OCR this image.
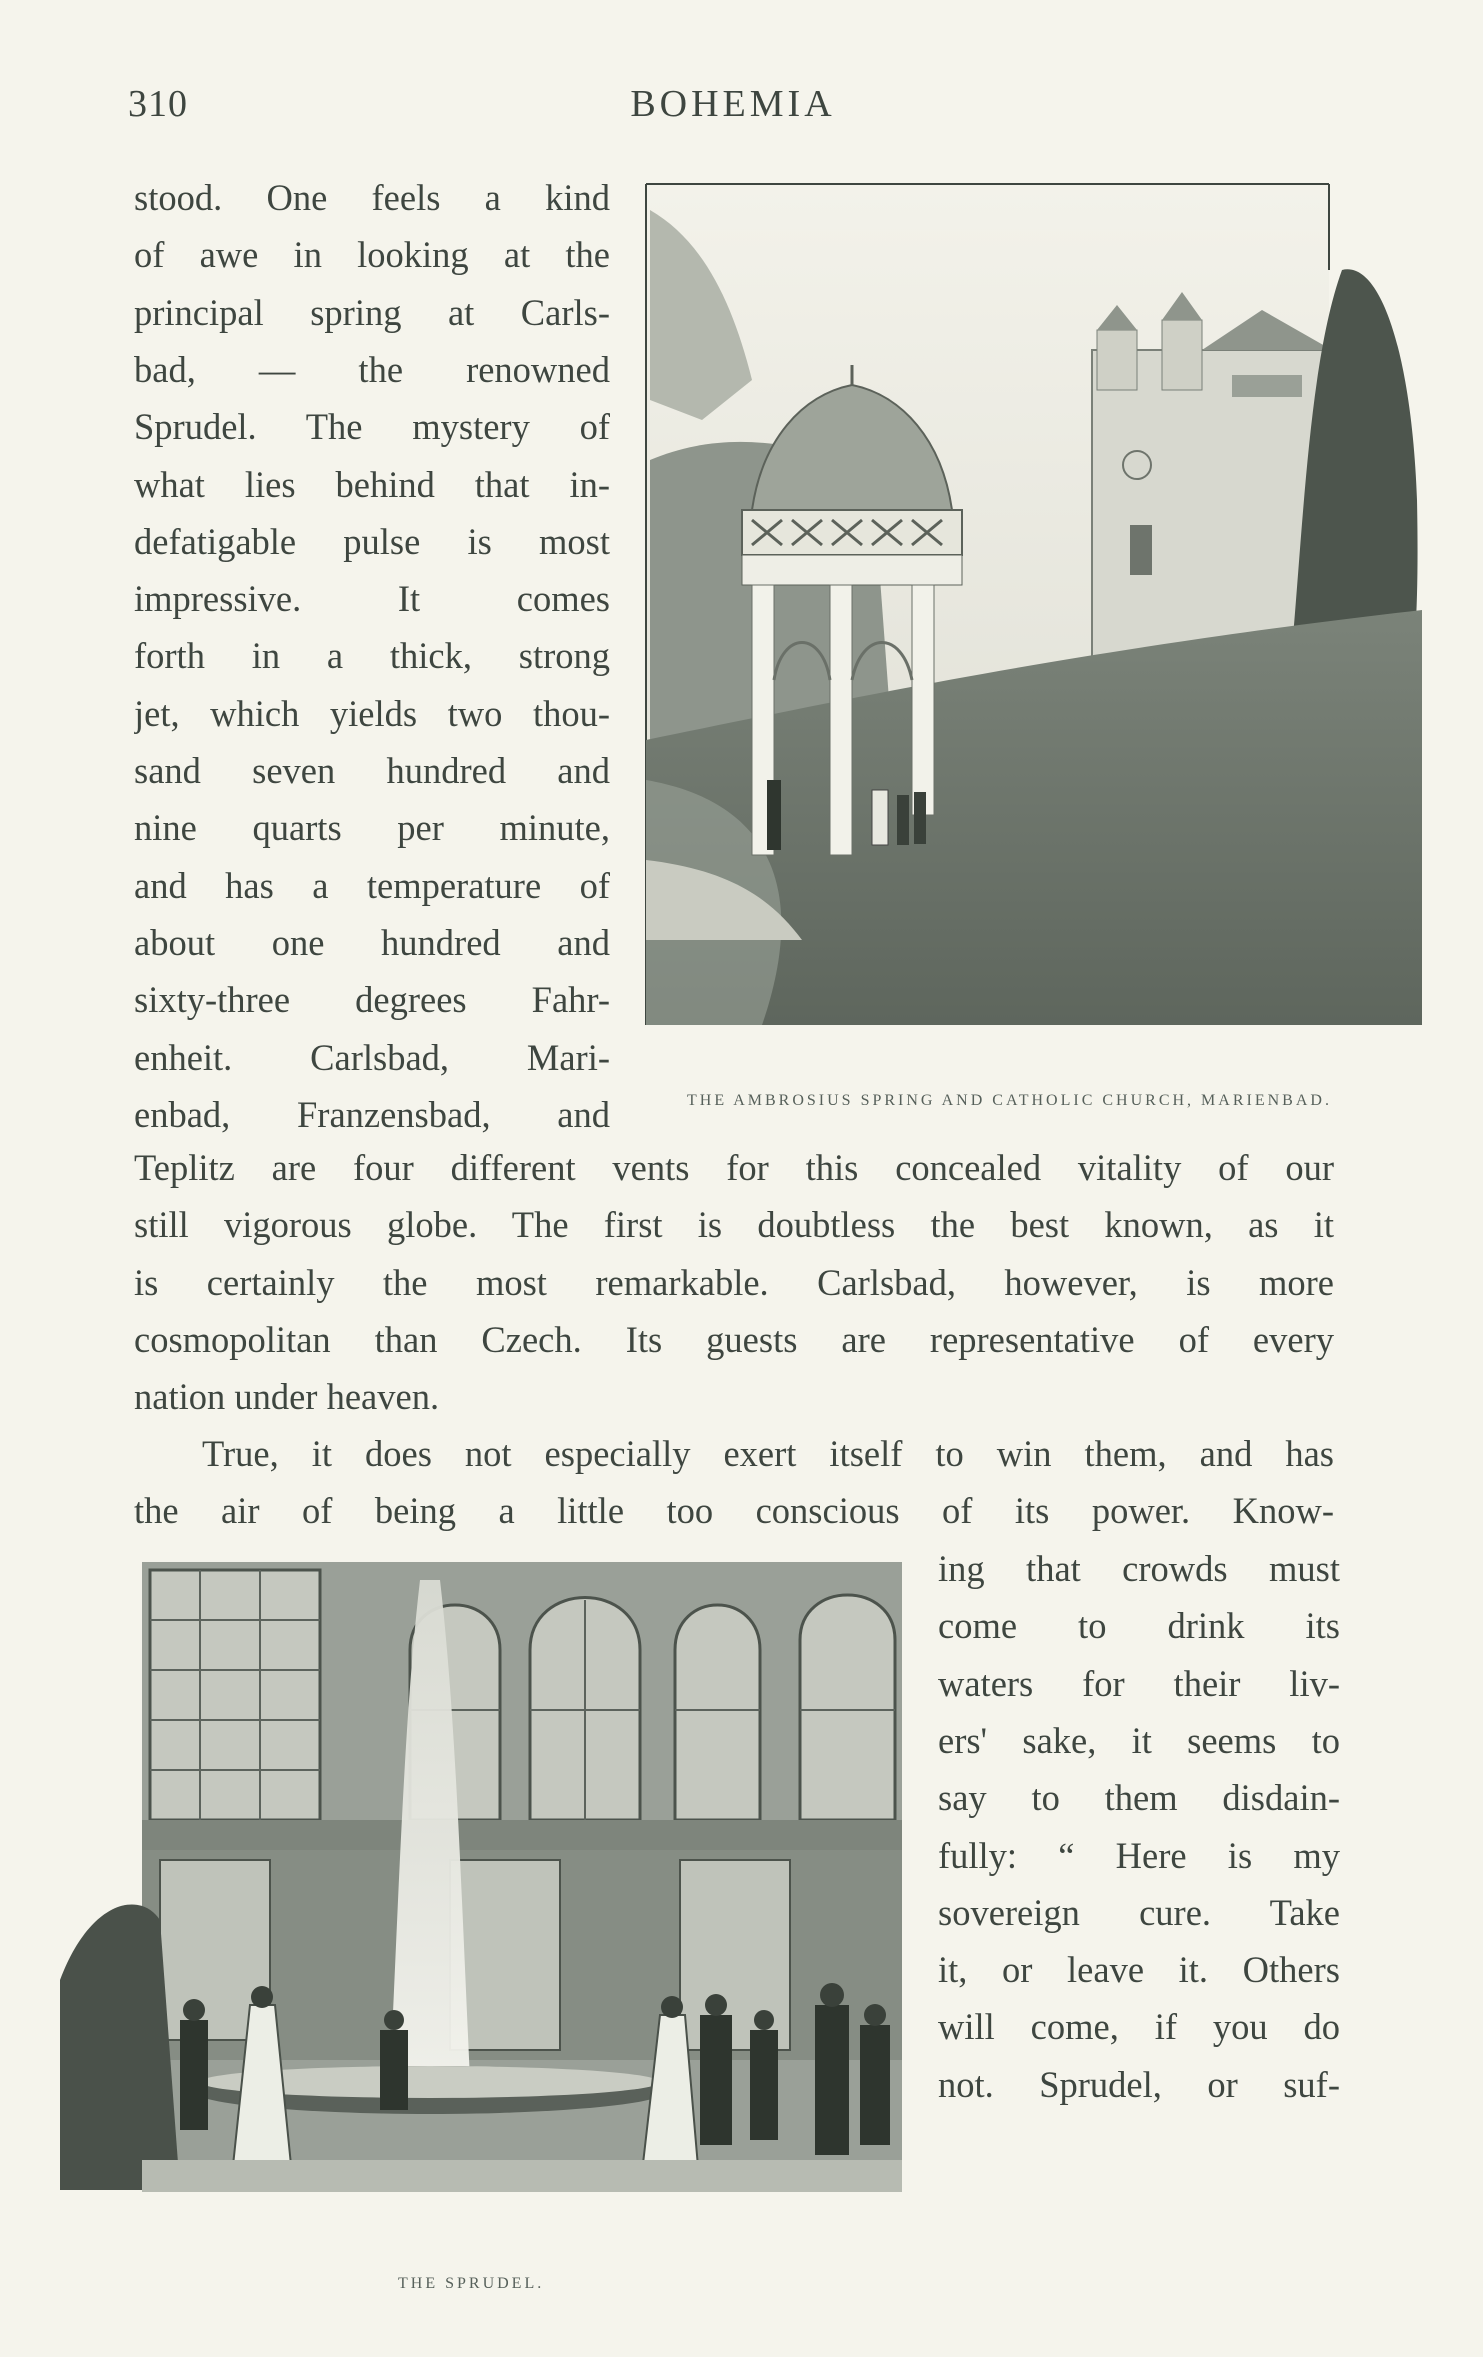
310	BOHEMIA
stood. One feels a kind
of awe in looking at the
principal spring at Carls-
bad, — the renowned
Sprudel. The mystery of
what lies behind that in-
defatigable pulse is most
impressive. It comes
forth in a thick, strong
jet, which yields two thou-
sand seven hundred and
nine quarts per minute,
and has a temperature of
about one hundred and
sixty-three degrees Fahr-
enheit. Carlsbad, Mari-
enbad, Franzensbad, and
Teplitz are four different vents for this concealed vitality of our
still vigorous globe. The first is doubtless the best known, as it
is certainly the most remarkable. Carlsbad, however, is more
cosmopolitan than Czech. Its guests are representative of every
nation under heaven.
True, it does not especially exert itself to win them, and has
the air of being a little too conscious of its power. Know-
ing that crowds must
come to drink its
waters for their liv-
ers' sake, it seems to
say to them disdain-
fully: “ Here is my
sovereign cure. Take
it, or leave it. Others
will come, if you do
not. Sprudel, or suf-
THE AMBROSIUS SPRING AND CATHOLIC CHURCH, MARIENBAD.
THE SPRUDEL.
